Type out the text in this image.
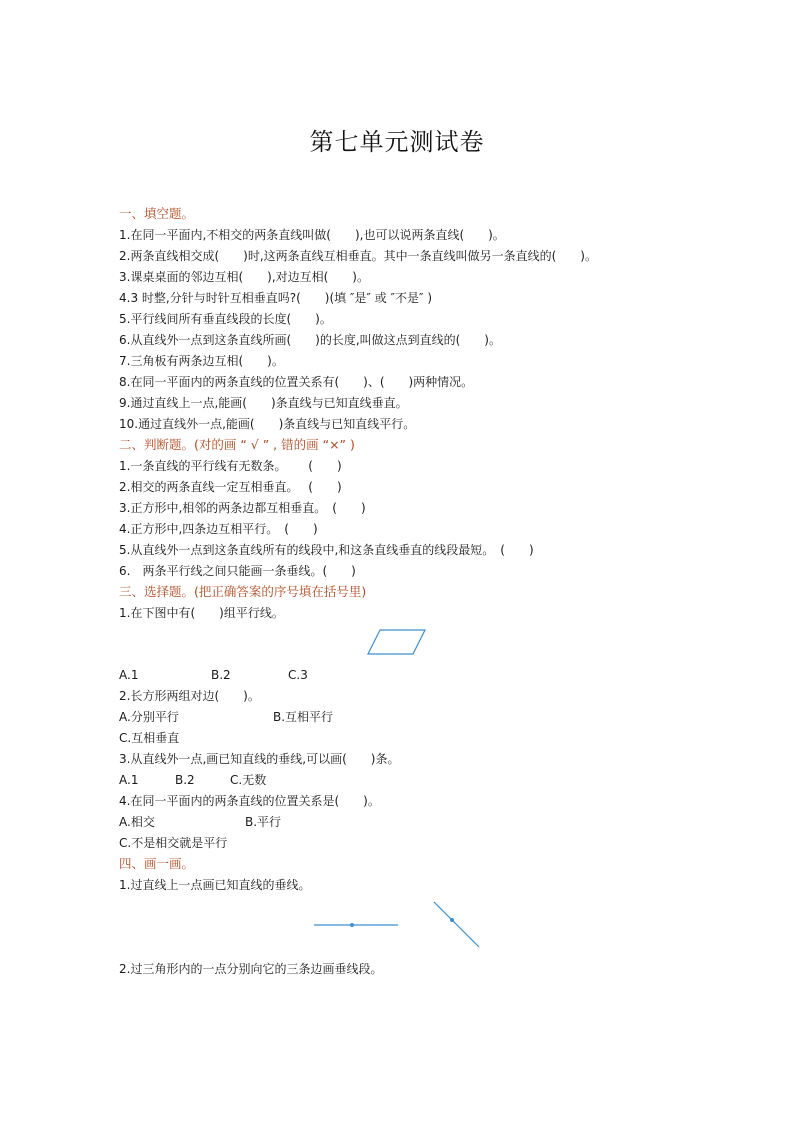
第七单元测试卷
一、填空题。
1.在同一平面内,不相交的两条直线叫做(　　),也可以说两条直线(　　)。
2.两条直线相交成(　　)时,这两条直线互相垂直。其中一条直线叫做另一条直线的(　　)。
3.课桌桌面的邻边互相(　　),对边互相(　　)。
4.3 时整,分针与时针互相垂直吗?(　　)(填 ″是″ 或 ″不是″ )
5.平行线间所有垂直线段的长度(　　)。
6.从直线外一点到这条直线所画(　　)的长度,叫做这点到直线的(　　)。
7.三角板有两条边互相(　　)。
8.在同一平面内的两条直线的位置关系有(　　)、(　　)两种情况。
9.通过直线上一点,能画(　　)条直线与已知直线垂直。
10.通过直线外一点,能画(　　)条直线与已知直线平行。
二、判断题。(对的画 “ √ ” , 错的画 “×” )
1.一条直线的平行线有无数条。　　 (　　)
2.相交的两条直线一定互相垂直。　 (　　)
3.正方形中,相邻的两条边都互相垂直。　(　　)
4.正方形中,四条边互相平行。　(　　)
5.从直线外一点到这条直线所有的线段中,和这条直线垂直的线段最短。　(　　)
6.　两条平行线之间只能画一条垂线。(　　)
三、选择题。(把正确答案的序号填在括号里)
1.在下图中有(　　)组平行线。
A.1	B.2	C.3
2.长方形两组对边(　　)。
A.分别平行	B.互相平行
C.互相垂直
3.从直线外一点,画已知直线的垂线,可以画(　　)条。
A.1	B.2	C.无数
4.在同一平面内的两条直线的位置关系是(　　)。
A.相交	B.平行
C.不是相交就是平行
四、画一画。
1.过直线上一点画已知直线的垂线。
2.过三角形内的一点分别向它的三条边画垂线段。
